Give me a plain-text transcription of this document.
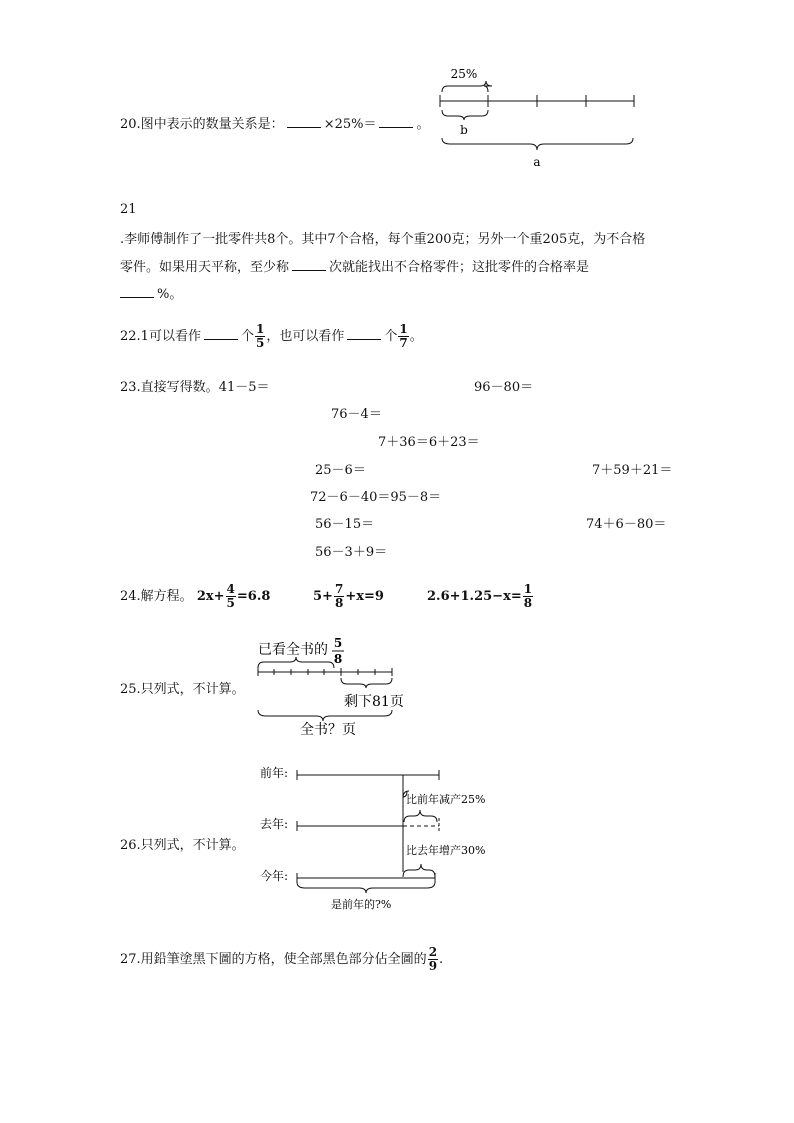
20.图中表示的数量关系是：	×25%＝	。
25%
b
a
21
.李师傅制作了一批零件共8个。其中7个合格，每个重200克；另外一个重205克，为不合格
零件。如果用天平称，至少称	次就能找出不合格零件；这批零件的合格率是
%。
22.1可以看作	个 $\frac{1}{5}$ ，也可以看作	个 $\frac{1}{7}$ 。
23.直接写得数。41－5＝	96－80＝
76－4＝
7＋36＝6＋23＝
25－6＝	7＋59＋21＝
72－6－40＝95－8＝
56－15＝	74＋6－80＝
56－3＋9＝
24.解方程。 $2x+ \frac{4}{5} =6.8$	$5+ \frac{7}{8} +x=9$	$2.6+1.25-x= \frac{1}{8}$
25.只列式，不计算。
已看全书的 5
8
剩下81页
全书？页
26.只列式，不计算。
前年:
比前年减产25%
去年:
比去年增产30%
今年:
是前年的?%
27.用鉛筆塗黑下圖的方格，使全部黑色部分佔全圖的 $\frac{2}{9}$ .
